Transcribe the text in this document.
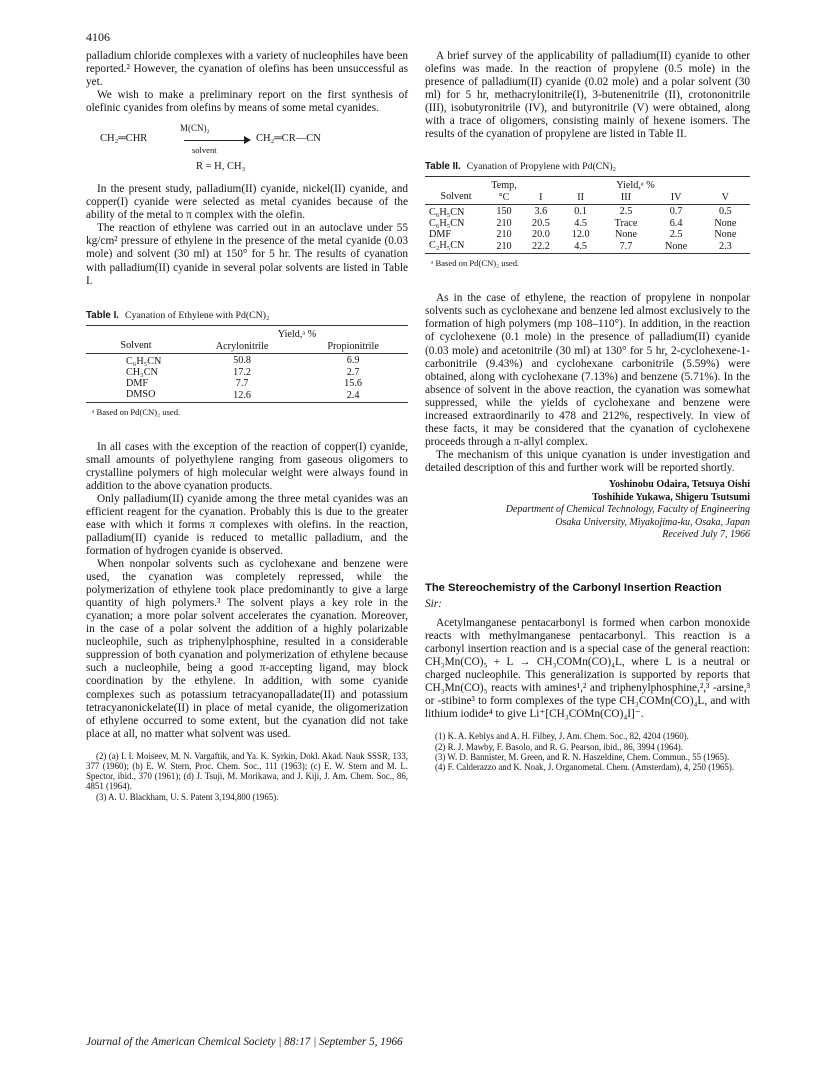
4106

palladium chloride complexes with a variety of nucleophiles have been reported.² However, the cyanation of olefins has been unsuccessful as yet.

We wish to make a preliminary report on the first synthesis of olefinic cyanides from olefins by means of some metal cyanides.

M(CN)₂
CH₂═CHR	CH₂═CR—CN
solvent
R = H, CH₃

In the present study, palladium(II) cyanide, nickel(II) cyanide, and copper(I) cyanide were selected as metal cyanides because of the ability of the metal to π complex with the olefin.

The reaction of ethylene was carried out in an autoclave under 55 kg/cm² pressure of ethylene in the presence of the metal cyanide (0.03 mole) and solvent (30 ml) at 150° for 5 hr. The results of cyanation with palladium(II) cyanide in several polar solvents are listed in Table I.

Table I. Cyanation of Ethylene with Pd(CN)₂
	Yield,ᵃ %	
Solvent	Acrylonitrile	Propionitrile
C₆H₅CN	50.8	6.9
CH₃CN	17.2	2.7
DMF	7.7	15.6
DMSO	12.6	2.4
ᵃ Based on Pd(CN)₂ used.

In all cases with the exception of the reaction of copper(I) cyanide, small amounts of polyethylene ranging from gaseous oligomers to crystalline polymers of high molecular weight were always found in addition to the above cyanation products.

Only palladium(II) cyanide among the three metal cyanides was an efficient reagent for the cyanation. Probably this is due to the greater ease with which it forms π complexes with olefins. In the reaction, palladium(II) cyanide is reduced to metallic palladium, and the formation of hydrogen cyanide is observed.

When nonpolar solvents such as cyclohexane and benzene were used, the cyanation was completely repressed, while the polymerization of ethylene took place predominantly to give a large quantity of high polymers.³ The solvent plays a key role in the cyanation; a more polar solvent accelerates the cyanation. Moreover, in the case of a polar solvent the addition of a highly polarizable nucleophile, such as triphenylphosphine, resulted in a considerable suppression of both cyanation and polymerization of ethylene because such a nucleophile, being a good π-accepting ligand, may block coordination by the ethylene. In addition, with some cyanide complexes such as potassium tetracyanopalladate(II) and potassium tetracyanonickelate(II) in place of metal cyanide, the oligomerization of ethylene occurred to some extent, but the cyanation did not take place at all, no matter what solvent was used.

(2) (a) I. I. Moiseev, M. N. Vargaftik, and Ya. K. Syrkin, Dokl. Akad. Nauk SSSR, 133, 377 (1960); (b) E. W. Stern, Proc. Chem. Soc., 111 (1963); (c) E. W. Stern and M. L. Spector, ibid., 370 (1961); (d) J. Tsuji, M. Morikawa, and J. Kiji, J. Am. Chem. Soc., 86, 4851 (1964).

(3) A. U. Blackham, U. S. Patent 3,194,800 (1965).

A brief survey of the applicability of palladium(II) cyanide to other olefins was made. In the reaction of propylene (0.5 mole) in the presence of palladium(II) cyanide (0.02 mole) and a polar solvent (30 ml) for 5 hr, methacrylonitrile(I), 3-butenenitrile (II), crotononitrile (III), isobutyronitrile (IV), and butyronitrile (V) were obtained, along with a trace of oligomers, consisting mainly of hexene isomers. The results of the cyanation of propylene are listed in Table II.

Table II. Cyanation of Propylene with Pd(CN)₂
	Temp,	Yield,ᵃ %				
Solvent	°C	I	II	III	IV	V
C₆H₅CN	150	3.6	0.1	2.5	0.7	0.5
C₆H₅CN	210	20.5	4.5	Trace	6.4	None
DMF	210	20.0	12.0	None	2.5	None
C₂H₅CN	210	22.2	4.5	7.7	None	2.3
ᵃ Based on Pd(CN)₂ used.

As in the case of ethylene, the reaction of propylene in nonpolar solvents such as cyclohexane and benzene led almost exclusively to the formation of high polymers (mp 108–110°). In addition, in the reaction of cyclohexene (0.1 mole) in the presence of palladium(II) cyanide (0.03 mole) and acetonitrile (30 ml) at 130° for 5 hr, 2-cyclohexene-1-carbonitrile (9.43%) and cyclohexane carbonitrile (5.59%) were obtained, along with cyclohexane (7.13%) and benzene (5.71%). In the absence of solvent in the above reaction, the cyanation was somewhat suppressed, while the yields of cyclohexane and benzene were increased extraordinarily to 478 and 212%, respectively. In view of these facts, it may be considered that the cyanation of cyclohexene proceeds through a π-allyl complex.

The mechanism of this unique cyanation is under investigation and detailed description of this and further work will be reported shortly.

Yoshinobu Odaira, Tetsuya Oishi
Toshihide Yukawa, Shigeru Tsutsumi
Department of Chemical Technology, Faculty of Engineering
Osaka University, Miyakojima-ku, Osaka, Japan
Received July 7, 1966
The Stereochemistry of the Carbonyl Insertion Reaction
Sir:

Acetylmanganese pentacarbonyl is formed when carbon monoxide reacts with methylmanganese pentacarbonyl. This reaction is a carbonyl insertion reaction and is a special case of the general reaction: CH₃Mn(CO)₅ + L → CH₃COMn(CO)₄L, where L is a neutral or charged nucleophile. This generalization is supported by reports that CH₃Mn(CO)₅ reacts with amines¹,² and triphenylphosphine,²,³ -arsine,³ or -stibine³ to form complexes of the type CH₃COMn(CO)₄L, and with lithium iodide⁴ to give Li⁺[CH₃COMn(CO)₄I]⁻.

(1) K. A. Keblys and A. H. Filbey, J. Am. Chem. Soc., 82, 4204 (1960).

(2) R. J. Mawby, F. Basolo, and R. G. Pearson, ibid., 86, 3994 (1964).

(3) W. D. Bannister, M. Green, and R. N. Haszeldine, Chem. Commun., 55 (1965).

(4) F. Calderazzo and K. Noak, J. Organometal. Chem. (Amsterdam), 4, 250 (1965).

Journal of the American Chemical Society | 88:17 | September 5, 1966
